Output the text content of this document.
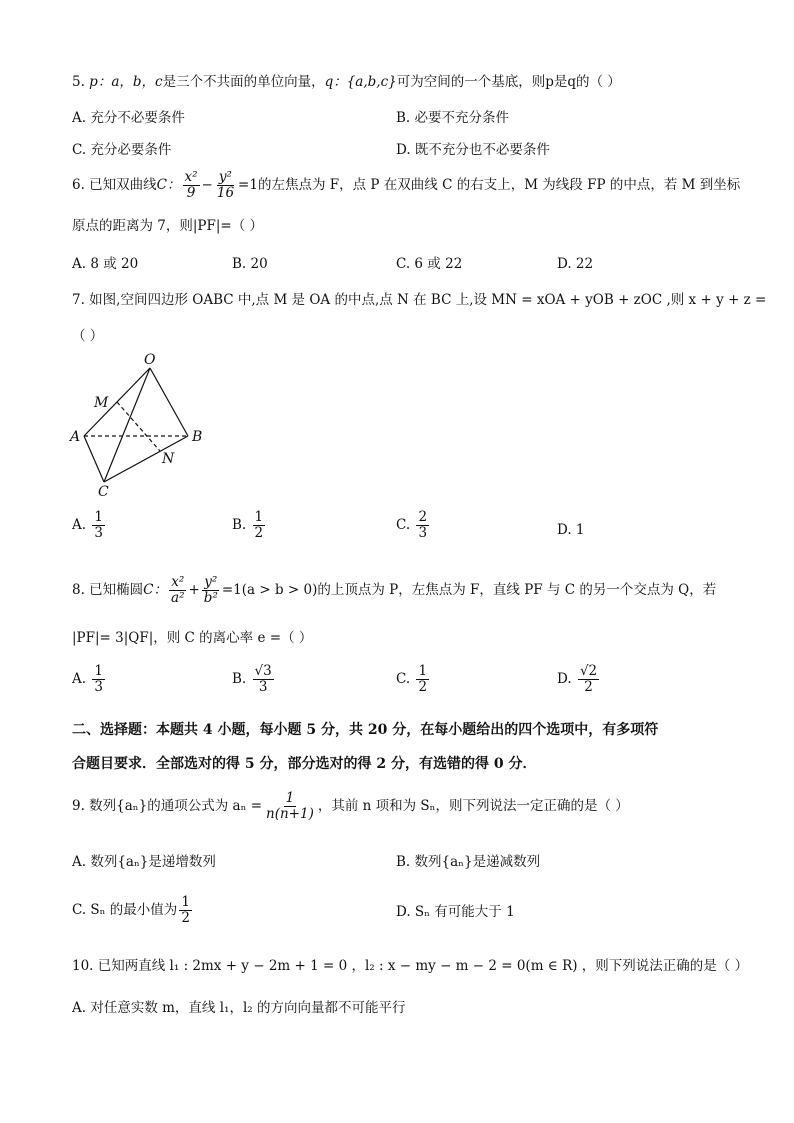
5. p：a，b，c是三个不共面的单位向量，q：{a,b,c}可为空间的一个基底，则p是q的（ ）
A. 充分不必要条件	B. 必要不充分条件
C. 充分必要条件	D. 既不充分也不必要条件
6. 已知双曲线C： $\frac{\text{x²}}{9} - \frac{\text{y²}}{16} =1$的左焦点为 F，点 P 在双曲线 C 的右支上，M 为线段 FP 的中点，若 M 到坐标
原点的距离为 7，则|PF|=（ ）
A. 8 或 20	B. 20	C. 6 或 22	D. 22
7. 如图,空间四边形 OABC 中,点 M 是 OA 的中点,点 N 在 BC 上,设 MN = xOA + yOB + zOC ,则 x + y + z =
（ ）
O
M
A	B
N
C
A. $\frac{1}{3}$	B. $\frac{1}{2}$	C. $\frac{2}{3}$	D. 1
8. 已知椭圆C： $\frac{\text{x²}}{\text{a²}} + \frac{\text{y²}}{\text{b²}} =1(a > b > 0)$的上顶点为 P，左焦点为 F，直线 PF 与 C 的另一个交点为 Q，若
|PF|= 3|QF|，则 C 的离心率 e =（ ）
A. $\frac{1}{3}$	B. $\frac{√3}{3}$	C. $\frac{1}{2}$	D. $\frac{√2}{2}$
二、选择题：本题共 4 小题，每小题 5 分，共 20 分，在每小题给出的四个选项中，有多项符
合题目要求．全部选对的得 5 分，部分选对的得 2 分，有选错的得 0 分．
9. 数列{aₙ}的通项公式为 $a_n = \frac{1}{n(n+1)}$ ，其前 n 项和为 Sₙ，则下列说法一定正确的是（ ）
A. 数列{aₙ}是递增数列	B. 数列{aₙ}是递减数列
C. Sₙ 的最小值为 $\frac{1}{2}$	D. Sₙ 有可能大于 1
10. 已知两直线 l₁ : 2mx + y − 2m + 1 = 0 ，l₂ : x − my − m − 2 = 0(m ∈ R) ，则下列说法正确的是（ ）
A. 对任意实数 m，直线 l₁，l₂ 的方向向量都不可能平行
